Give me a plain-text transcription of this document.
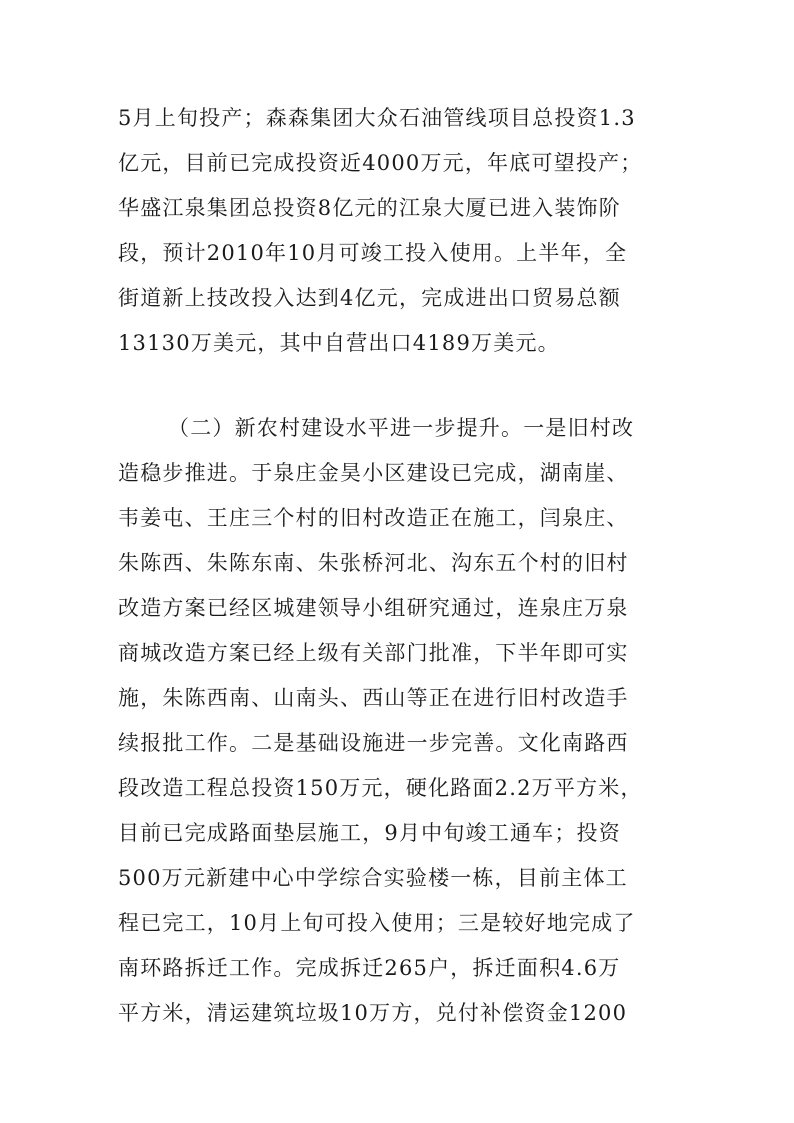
5月上旬投产；森森集团大众石油管线项目总投资1.3
亿元，目前已完成投资近4000万元，年底可望投产；
华盛江泉集团总投资8亿元的江泉大厦已进入装饰阶
段，预计2010年10月可竣工投入使用。上半年，全
街道新上技改投入达到4亿元，完成进出口贸易总额
13130万美元，其中自营出口4189万美元。
（二）新农村建设水平进一步提升。一是旧村改
造稳步推进。于泉庄金昊小区建设已完成，湖南崖、
韦姜屯、王庄三个村的旧村改造正在施工，闫泉庄、
朱陈西、朱陈东南、朱张桥河北、沟东五个村的旧村
改造方案已经区城建领导小组研究通过，连泉庄万泉
商城改造方案已经上级有关部门批准，下半年即可实
施，朱陈西南、山南头、西山等正在进行旧村改造手
续报批工作。二是基础设施进一步完善。文化南路西
段改造工程总投资150万元，硬化路面2.2万平方米，
目前已完成路面垫层施工，9月中旬竣工通车；投资
500万元新建中心中学综合实验楼一栋，目前主体工
程已完工，10月上旬可投入使用；三是较好地完成了
南环路拆迁工作。完成拆迁265户，拆迁面积4.6万
平方米，清运建筑垃圾10万方，兑付补偿资金1200
